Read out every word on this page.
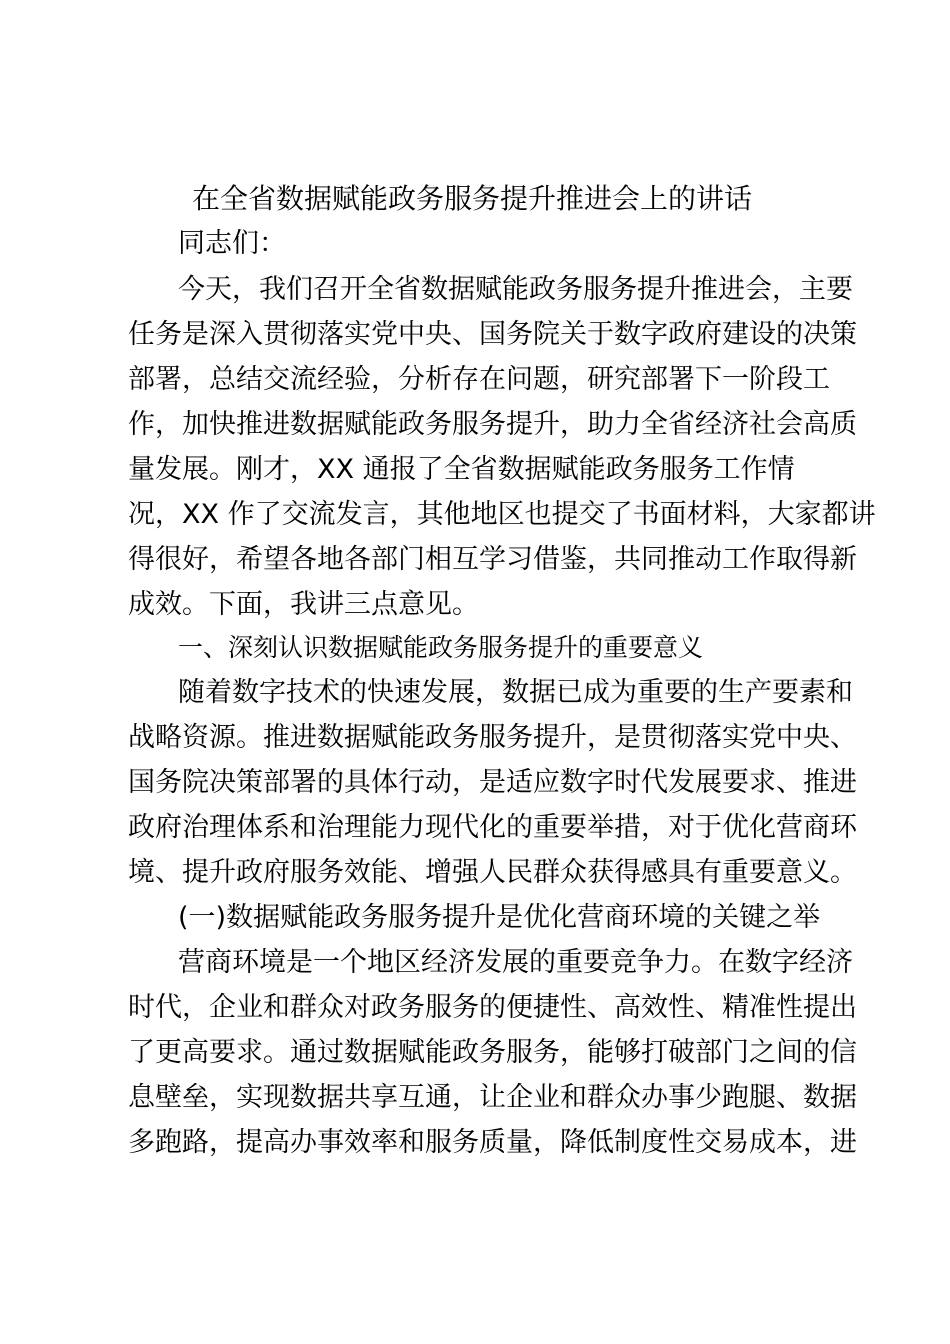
在全省数据赋能政务服务提升推进会上的讲话
同志们：
今天，我们召开全省数据赋能政务服务提升推进会，主要
任务是深入贯彻落实党中央、国务院关于数字政府建设的决策
部署，总结交流经验，分析存在问题，研究部署下一阶段工
作，加快推进数据赋能政务服务提升，助力全省经济社会高质
量发展。刚才，XX 通报了全省数据赋能政务服务工作情
况，XX 作了交流发言，其他地区也提交了书面材料，大家都讲
得很好，希望各地各部门相互学习借鉴，共同推动工作取得新
成效。下面，我讲三点意见。
一、深刻认识数据赋能政务服务提升的重要意义
随着数字技术的快速发展，数据已成为重要的生产要素和
战略资源。推进数据赋能政务服务提升，是贯彻落实党中央、
国务院决策部署的具体行动，是适应数字时代发展要求、推进
政府治理体系和治理能力现代化的重要举措，对于优化营商环
境、提升政府服务效能、增强人民群众获得感具有重要意义。
(一)数据赋能政务服务提升是优化营商环境的关键之举
营商环境是一个地区经济发展的重要竞争力。在数字经济
时代，企业和群众对政务服务的便捷性、高效性、精准性提出
了更高要求。通过数据赋能政务服务，能够打破部门之间的信
息壁垒，实现数据共享互通，让企业和群众办事少跑腿、数据
多跑路，提高办事效率和服务质量，降低制度性交易成本，进
